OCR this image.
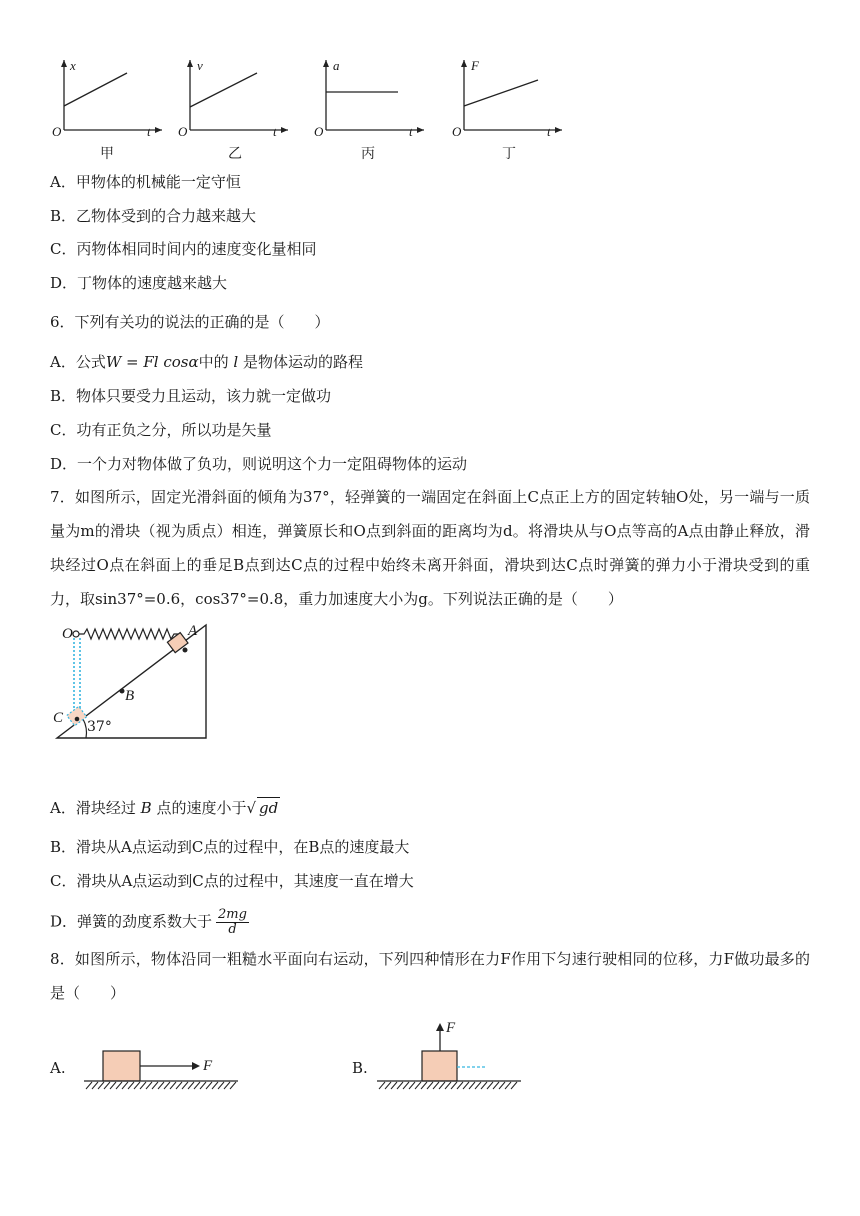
x
t
O
甲
v
t
O
乙
a
t
O
丙
F
t
O
丁
A．甲物体的机械能一定守恒
B．乙物体受到的合力越来越大
C．丙物体相同时间内的速度变化量相同
D．丁物体的速度越来越大
6．下列有关功的说法的正确的是（　　）
A．公式W = Fl cosα中的 l 是物体运动的路程
B．物体只要受力且运动，该力就一定做功
C．功有正负之分，所以功是矢量
D．一个力对物体做了负功，则说明这个力一定阻碍物体的运动
7．如图所示，固定光滑斜面的倾角为37°，轻弹簧的一端固定在斜面上C点正上方的固定转轴O处，另一端与一质量为m的滑块（视为质点）相连，弹簧原长和O点到斜面的距离均为d。将滑块从与O点等高的A点由静止释放，滑块经过O点在斜面上的垂足B点到达C点的过程中始终未离开斜面，滑块到达C点时弹簧的弹力小于滑块受到的重力，取sin37°=0.6，cos37°=0.8，重力加速度大小为g。下列说法正确的是（　　）
O	A
B
C
37°
A．滑块经过 B 点的速度小于√ gd
B．滑块从A点运动到C点的过程中，在B点的速度最大
C．滑块从A点运动到C点的过程中，其速度一直在增大
D．弹簧的劲度系数大于 $\frac{2mg}{d}$
8．如图所示，物体沿同一粗糙水平面向右运动，下列四种情形在力F作用下匀速行驶相同的位移，力F做功最多的是（　　）
A.	F	B.
F
